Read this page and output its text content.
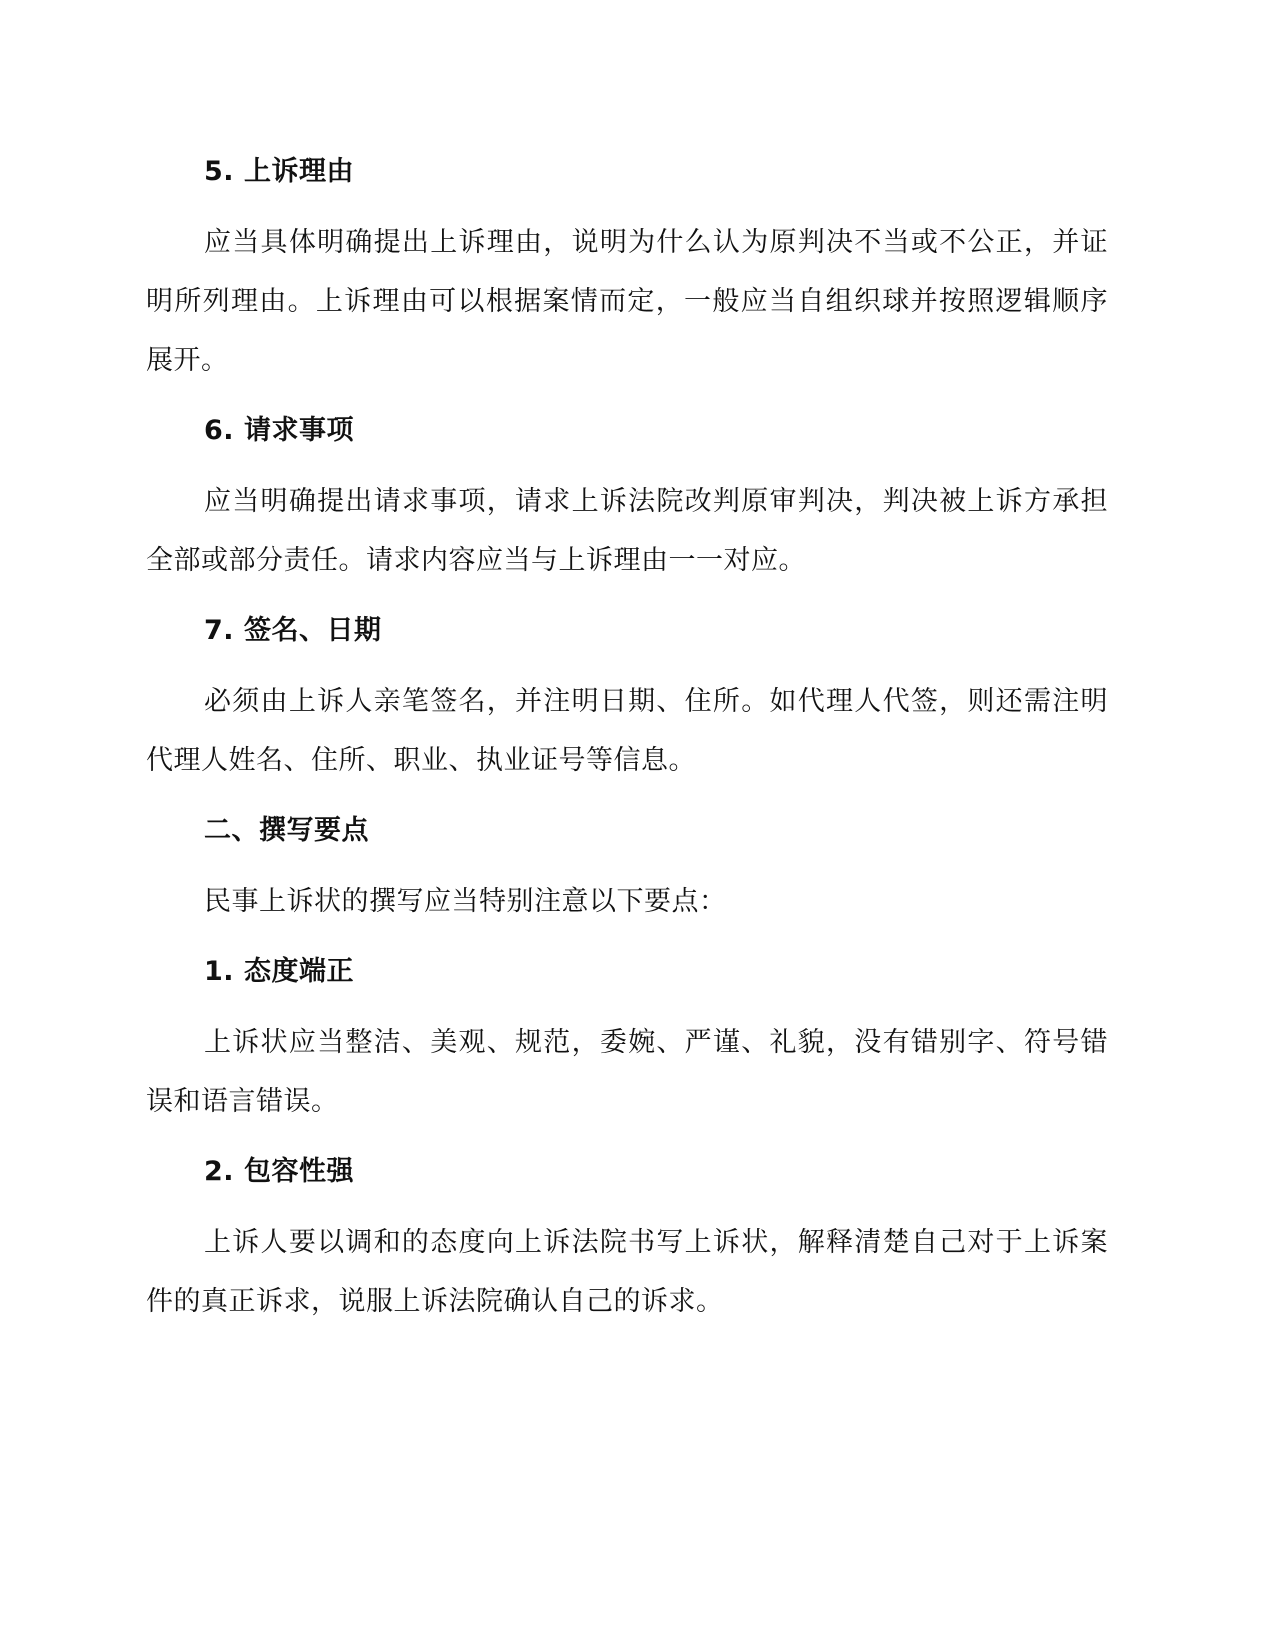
5. 上诉理由
应当具体明确提出上诉理由，说明为什么认为原判决不当或不公正，并证明所列理由。上诉理由可以根据案情而定，一般应当自组织球并按照逻辑顺序展开。
6. 请求事项
应当明确提出请求事项，请求上诉法院改判原审判决，判决被上诉方承担全部或部分责任。请求内容应当与上诉理由一一对应。
7. 签名、日期
必须由上诉人亲笔签名，并注明日期、住所。如代理人代签，则还需注明代理人姓名、住所、职业、执业证号等信息。
二、撰写要点
民事上诉状的撰写应当特别注意以下要点：
1. 态度端正
上诉状应当整洁、美观、规范，委婉、严谨、礼貌，没有错别字、符号错误和语言错误。
2. 包容性强
上诉人要以调和的态度向上诉法院书写上诉状，解释清楚自己对于上诉案件的真正诉求，说服上诉法院确认自己的诉求。
